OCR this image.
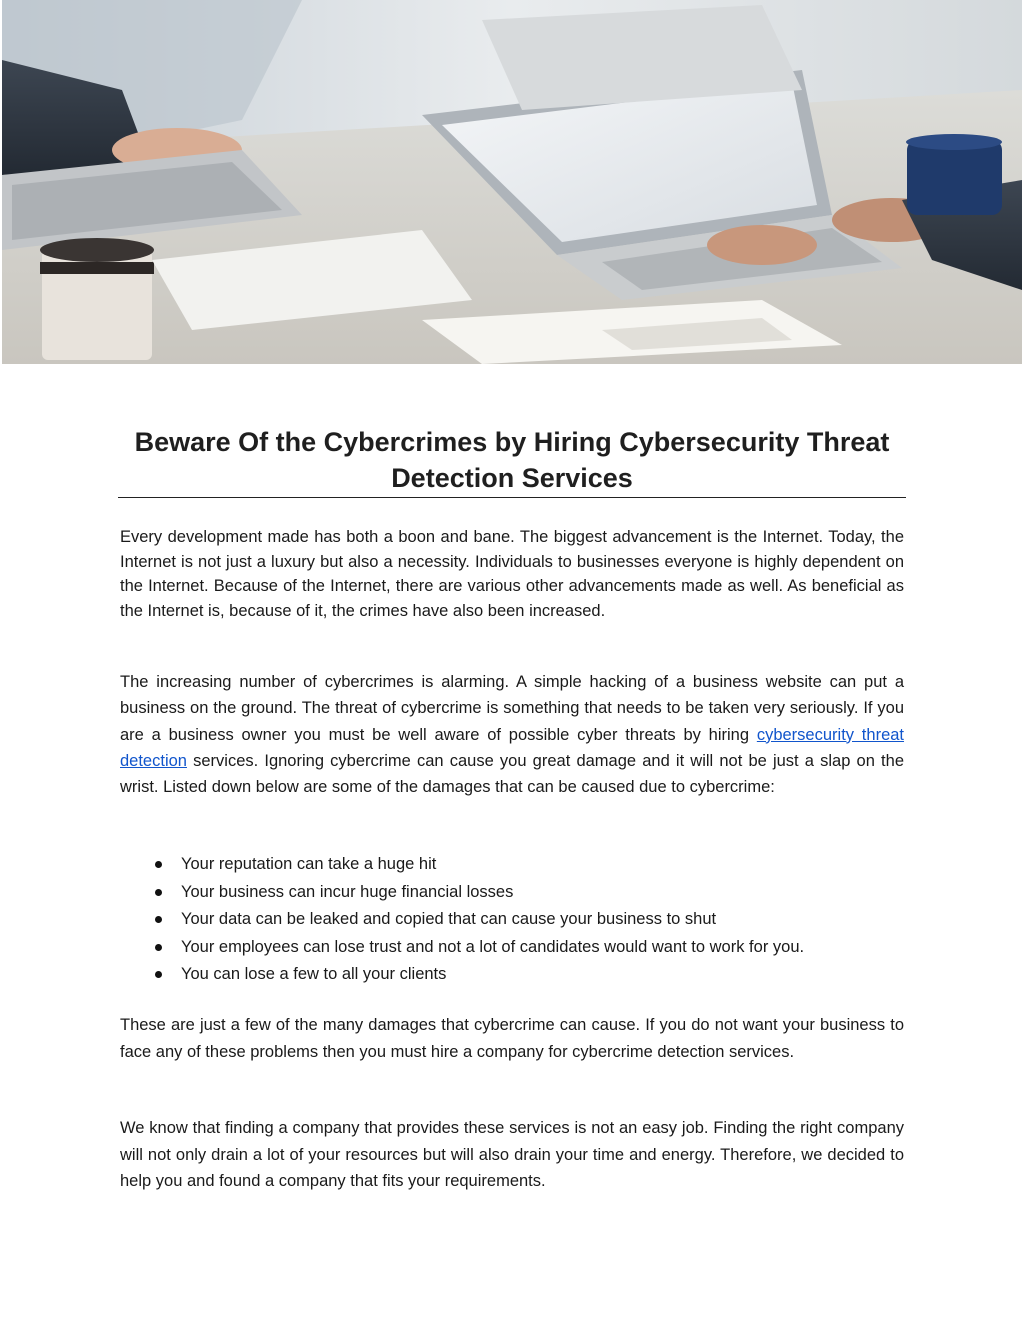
Beware Of the Cybercrimes by Hiring Cybersecurity Threat Detection Services

Every development made has both a boon and bane. The biggest advancement is the Internet. Today, the Internet is not just a luxury but also a necessity. Individuals to businesses everyone is highly dependent on the Internet. Because of the Internet, there are various other advancements made as well. As beneficial as the Internet is, because of it, the crimes have also been increased.

The increasing number of cybercrimes is alarming. A simple hacking of a business website can put a business on the ground. The threat of cybercrime is something that needs to be taken very seriously. If you are a business owner you must be well aware of possible cyber threats by hiring cybersecurity threat detection services. Ignoring cybercrime can cause you great damage and it will not be just a slap on the wrist. Listed down below are some of the damages that can be caused due to cybercrime:

Your reputation can take a huge hit
Your business can incur huge financial losses
Your data can be leaked and copied that can cause your business to shut
Your employees can lose trust and not a lot of candidates would want to work for you.
You can lose a few to all your clients

These are just a few of the many damages that cybercrime can cause. If you do not want your business to face any of these problems then you must hire a company for cybercrime detection services.

We know that finding a company that provides these services is not an easy job. Finding the right company will not only drain a lot of your resources but will also drain your time and energy. Therefore, we decided to help you and found a company that fits your requirements.
